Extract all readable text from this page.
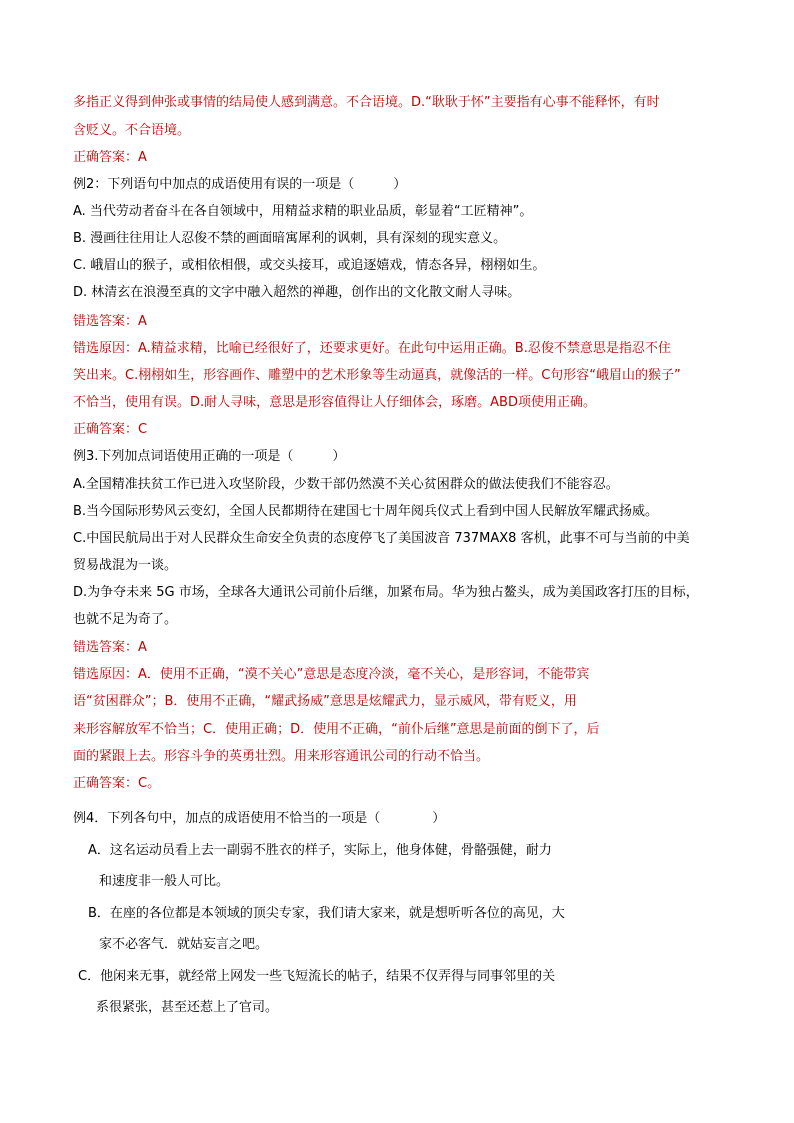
多指正义得到伸张或事情的结局使人感到满意。不合语境。D.“耿耿于怀”主要指有心事不能释怀，有时
含贬义。不合语境。
正确答案：A
例2：下列语句中加点的成语使用有误的一项是（　　　）
A. 当代劳动者奋斗在各自领域中，用精益求精的职业品质，彰显着“工匠精神”。
B. 漫画往往用让人忍俊不禁的画面暗寓犀利的讽刺，具有深刻的现实意义。
C. 峨眉山的猴子，或相依相偎，或交头接耳，或追逐嬉戏，情态各异，栩栩如生。
D. 林清玄在浪漫至真的文字中融入超然的禅趣，创作出的文化散文耐人寻味。
错选答案：A
错选原因：A.精益求精，比喻已经很好了，还要求更好。在此句中运用正确。B.忍俊不禁意思是指忍不住
笑出来。C.栩栩如生，形容画作、雕塑中的艺术形象等生动逼真，就像活的一样。C句形容“峨眉山的猴子”
不恰当，使用有误。D.耐人寻味，意思是形容值得让人仔细体会，琢磨。ABD项使用正确。
正确答案：C
例3.下列加点词语使用正确的一项是（　　　）
A.全国精准扶贫工作已进入攻坚阶段，少数干部仍然漠不关心贫困群众的做法使我们不能容忍。
B.当今国际形势风云变幻，全国人民都期待在建国七十周年阅兵仪式上看到中国人民解放军耀武扬威。
C.中国民航局出于对人民群众生命安全负责的态度停飞了美国波音 737MAX8 客机，此事不可与当前的中美
贸易战混为一谈。
D.为争夺未来 5G 市场，全球各大通讯公司前仆后继，加紧布局。华为独占鳌头，成为美国政客打压的目标，
也就不足为奇了。
错选答案：A
错选原因：A．使用不正确，“漠不关心”意思是态度冷淡，毫不关心，是形容词，不能带宾
语“贫困群众”；B．使用不正确，“耀武扬威”意思是炫耀武力，显示威风，带有贬义，用
来形容解放军不恰当；C．使用正确；D．使用不正确，“前仆后继”意思是前面的倒下了，后
面的紧跟上去。形容斗争的英勇壮烈。用来形容通讯公司的行动不恰当。
正确答案：C。
例4．下列各句中，加点的成语使用不恰当的一项是（　　　　）
A．这名运动员看上去一副弱不胜衣的样子，实际上，他身体健，骨骼强健，耐力
和速度非一般人可比。
B．在座的各位都是本领域的顶尖专家，我们请大家来，就是想听听各位的高见，大
家不必客气．就姑妄言之吧。
C．他闲来无事，就经常上网发一些飞短流长的帖子，结果不仅弄得与同事邻里的关
系很紧张，甚至还惹上了官司。
